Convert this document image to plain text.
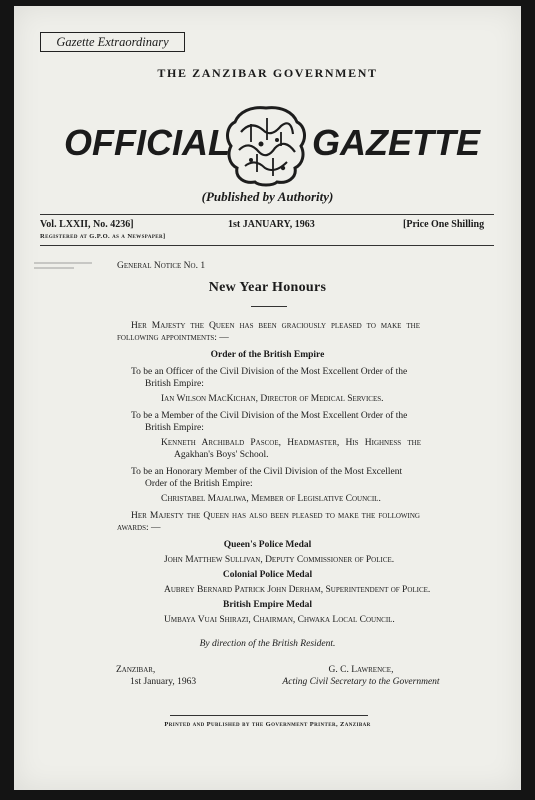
Gazette Extraordinary
THE ZANZIBAR GOVERNMENT
OFFICIAL GAZETTE
(Published by Authority)
Vol. LXXII, No. 4236]	1st JANUARY, 1963	[Price One Shilling
Registered at G.P.O. as a Newspaper]
General Notice No. 1
New Year Honours
Her Majesty the Queen has been graciously pleased to make the following appointments: —
Order of the British Empire
To be an Officer of the Civil Division of the Most Excellent Order of the
British Empire:
Ian Wilson MacKichan, Director of Medical Services.
To be a Member of the Civil Division of the Most Excellent Order of the
British Empire:
Kenneth Archibald Pascoe, Headmaster, His Highness the
Agakhan's Boys' School.
To be an Honorary Member of the Civil Division of the Most Excellent
Order of the British Empire:
Christabel Majaliwa, Member of Legislative Council.
Her Majesty the Queen has also been pleased to make the following awards: —
Queen's Police Medal
John Matthew Sullivan, Deputy Commissioner of Police.
Colonial Police Medal
Aubrey Bernard Patrick John Derham, Superintendent of Police.
British Empire Medal
Umbaya Vuai Shirazi, Chairman, Chwaka Local Council.
By direction of the British Resident.
Zanzibar,
1st January, 1963
G. C. Lawrence,
Acting Civil Secretary to the Government
Printed and Published by the Government Printer, Zanzibar
